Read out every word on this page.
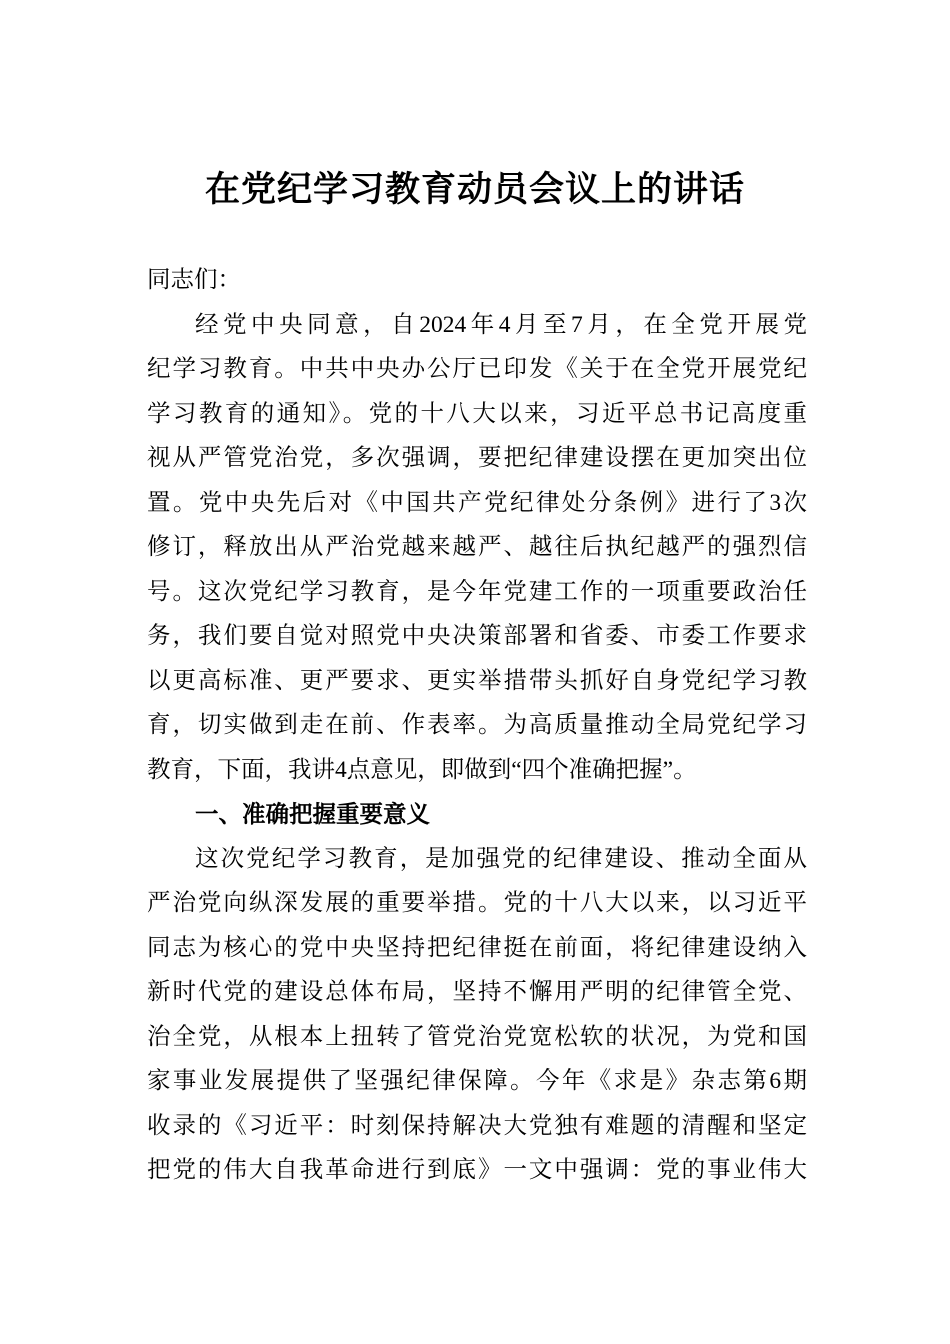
在党纪学习教育动员会议上的讲话
同志们：
经党中央同意，自2024年4月至7月，在全党开展党
纪学习教育。中共中央办公厅已印发《关于在全党开展党纪
学习教育的通知》。党的十八大以来，习近平总书记高度重
视从严管党治党，多次强调，要把纪律建设摆在更加突出位
置。党中央先后对《中国共产党纪律处分条例》进行了3次
修订，释放出从严治党越来越严、越往后执纪越严的强烈信
号。这次党纪学习教育，是今年党建工作的一项重要政治任
务，我们要自觉对照党中央决策部署和省委、市委工作要求
以更高标准、更严要求、更实举措带头抓好自身党纪学习教
育，切实做到走在前、作表率。为高质量推动全局党纪学习
教育，下面，我讲4点意见，即做到“四个准确把握”。
一、准确把握重要意义
这次党纪学习教育，是加强党的纪律建设、推动全面从
严治党向纵深发展的重要举措。党的十八大以来，以习近平
同志为核心的党中央坚持把纪律挺在前面，将纪律建设纳入
新时代党的建设总体布局，坚持不懈用严明的纪律管全党、
治全党，从根本上扭转了管党治党宽松软的状况，为党和国
家事业发展提供了坚强纪律保障。今年《求是》杂志第6期
收录的《习近平：时刻保持解决大党独有难题的清醒和坚定
把党的伟大自我革命进行到底》一文中强调：党的事业伟大
